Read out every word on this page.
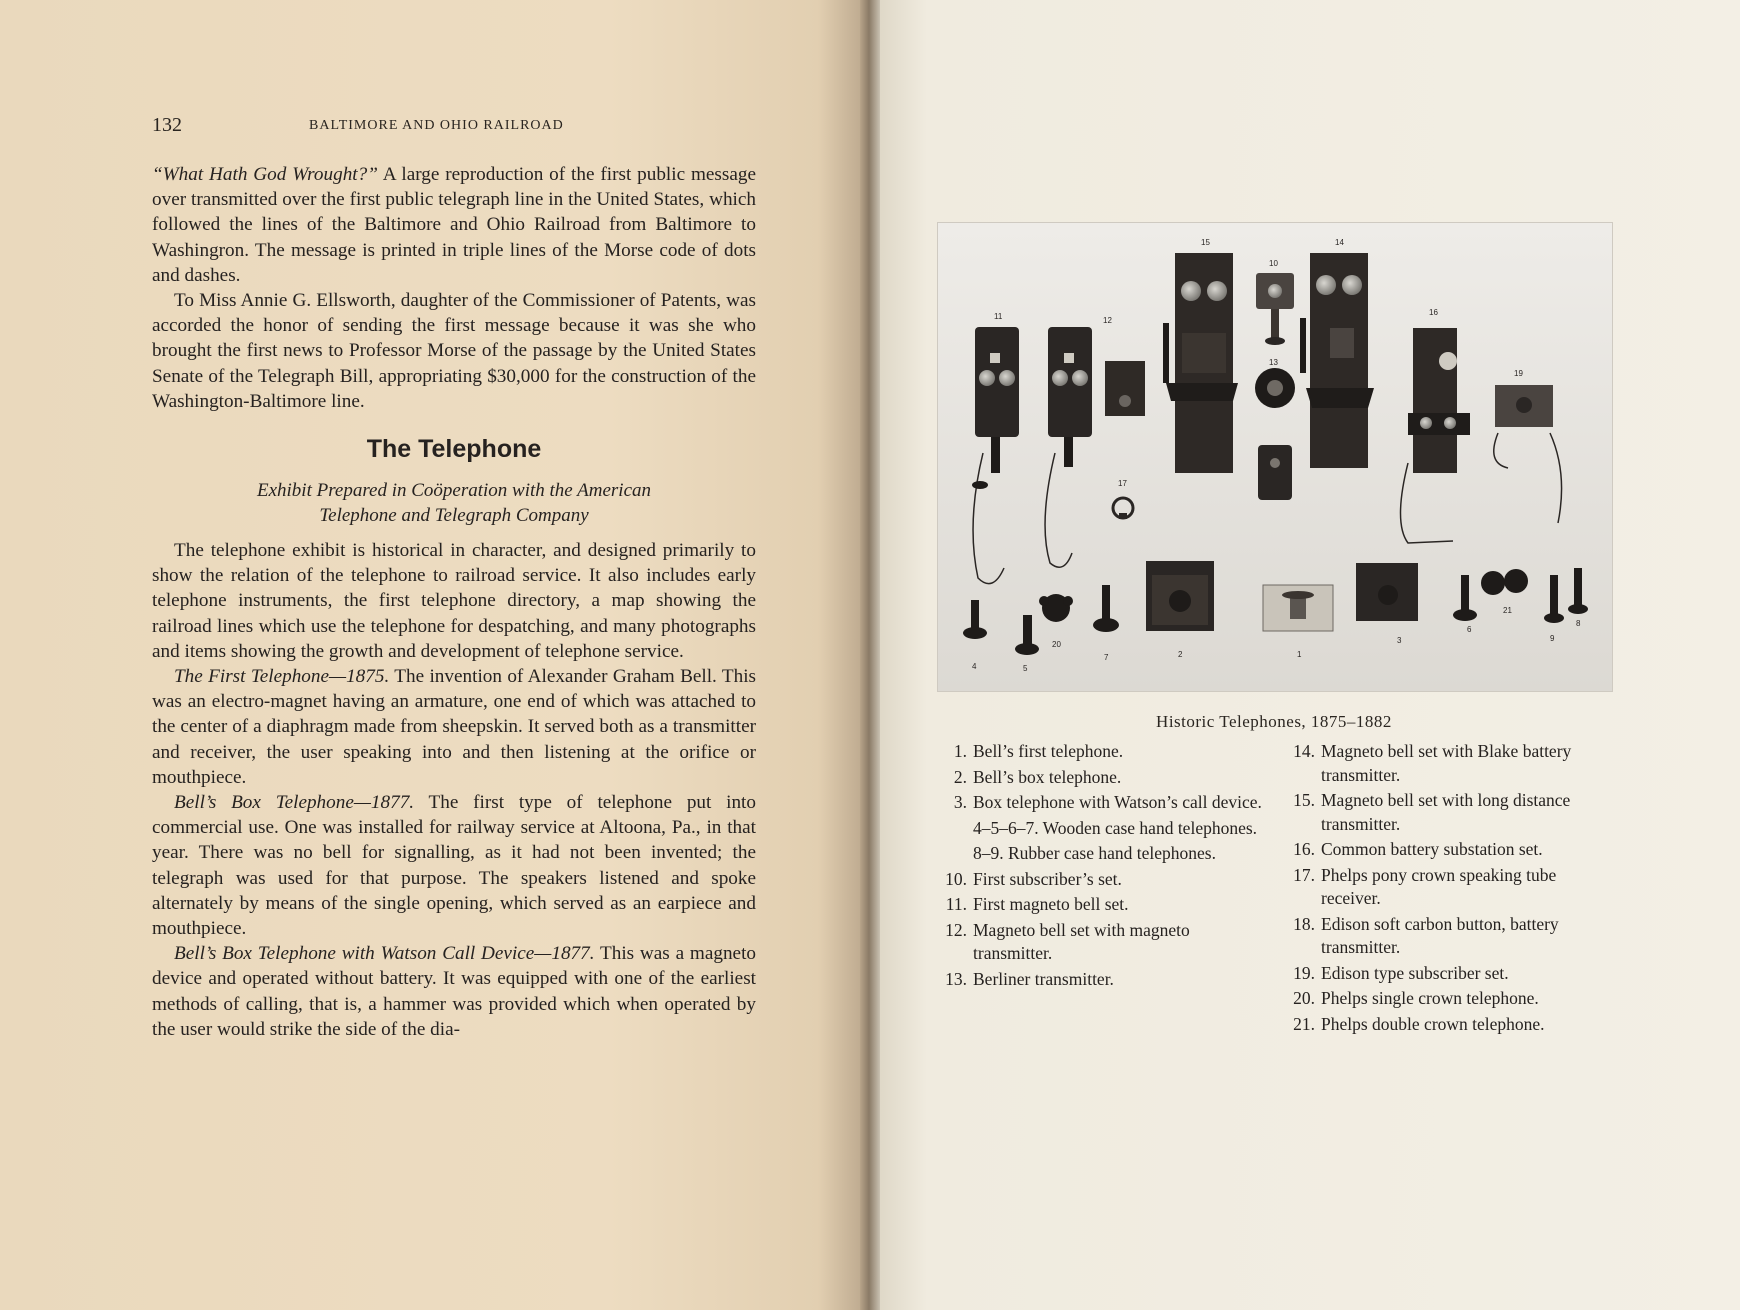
132	BALTIMORE AND OHIO RAILROAD

“What Hath God Wrought?” A large reproduction of the first public message over transmitted over the first public telegraph line in the United States, which followed the lines of the Baltimore and Ohio Railroad from Baltimore to Washingron. The message is printed in triple lines of the Morse code of dots and dashes.

To Miss Annie G. Ellsworth, daughter of the Commissioner of Patents, was accorded the honor of sending the first message because it was she who brought the first news to Professor Morse of the passage by the United States Senate of the Telegraph Bill, appropriating $30,000 for the construction of the Washington-Baltimore line.

The Telephone
Exhibit Prepared in Coöperation with the American
Telephone and Telegraph Company

The telephone exhibit is historical in character, and designed primarily to show the relation of the telephone to railroad service. It also includes early telephone instruments, the first telephone directory, a map showing the railroad lines which use the telephone for despatching, and many photographs and items showing the growth and development of telephone service.

The First Telephone—1875. The invention of Alexander Graham Bell. This was an electro-magnet having an armature, one end of which was attached to the center of a diaphragm made from sheepskin. It served both as a transmitter and receiver, the user speaking into and then listening at the orifice or mouthpiece.

Bell’s Box Telephone—1877. The first type of telephone put into commercial use. One was installed for railway service at Altoona, Pa., in that year. There was no bell for signalling, as it had not been invented; the telegraph was used for that purpose. The speakers listened and spoke alternately by means of the single opening, which served as an earpiece and mouthpiece.

Bell’s Box Telephone with Watson Call Device—1877. This was a magneto device and operated without battery. It was equipped with one of the earliest methods of calling, that is, a hammer was provided which when operated by the user would strike the side of the dia-

11	12
15
10
13
18
14
16
19
17
4
20
5
7	2	1
3
6
21
9
8
Historic Telephones, 1875–1882
1. Bell’s first telephone.
2. Bell’s box telephone.
3. Box telephone with Watson’s call device.
4–5–6–7. Wooden case hand telephones.
8–9. Rubber case hand telephones.
10. First subscriber’s set.
11. First magneto bell set.
12. Magneto bell set with magneto transmitter.
13. Berliner transmitter.
14. Magneto bell set with Blake battery transmitter.
15. Magneto bell set with long distance transmitter.
16. Common battery substation set.
17. Phelps pony crown speaking tube receiver.
18. Edison soft carbon button, battery transmitter.
19. Edison type subscriber set.
20. Phelps single crown telephone.
21. Phelps double crown telephone.
